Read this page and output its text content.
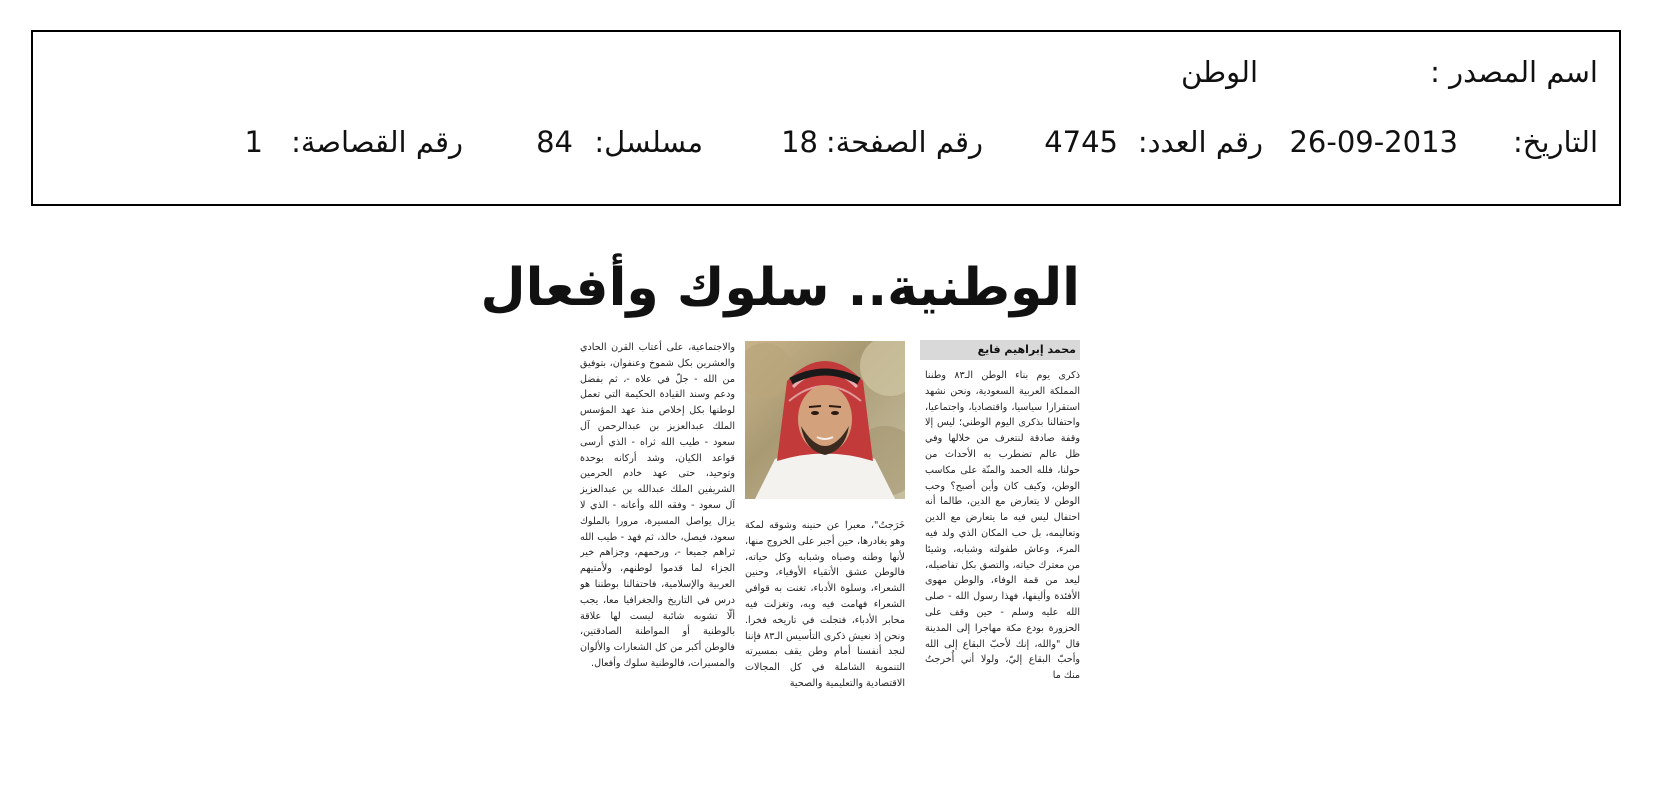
اسم المصدر :
الوطن
التاريخ:
26-09-2013
رقم العدد:
4745
رقم الصفحة:
18
مسلسل:
84
رقم القصاصة:
1
الوطنية.. سلوك وأفعال
محمد إبراهيم فايع

ذكرى يوم بناء الوطن الـ٨٣ وطننا المملكة العربية السعودية، ونحن نشهد استقرارا سياسيا، واقتصاديا، واجتماعيا، واحتفالنا بذكرى اليوم الوطني؛ ليس إلا وقفة صادقة لنتعرف من خلالها وفي ظل عالم تضطرب به الأحداث من حولنا، فلله الحمد والمنّة على مكاسب الوطن، وكيف كان وأين أصبح؟ وحب الوطن لا يتعارض مع الدين، طالما أنه احتفال ليس فيه ما يتعارض مع الدين وتعاليمه، بل حب المكان الذي ولد فيه المرء، وعاش طفولته وشبابه، وشيئا من معترك حياته، والتصق بكل تفاصيله، ليعد من قمة الوفاء، والوطن مهوى الأفئدة وأليفها، فهذا رسول الله - صلى الله عليه وسلم - حين وقف على الحزورة بودع مكة مهاجرا إلى المدينة قال "والله، إنك لأحبّ البقاع إلى الله وأحبّ البقاع إليّ، ولولا أني أُخرجتُ منك ما

خَرَجتُ"، معبرا عن حنينه وشوقه لمكة وهو يغادرها، حين أجبر على الخروج منها، لأنها وطنه وصباه وشبابه وكل حياته، فالوطن عشق الأتقياء الأوفياء، وحنين الشعراء، وسلوة الأدباء، تغنت به قوافي الشعراء فهامت فيه وبه، وتغزلت فيه محابر الأدباء، فتجلت في تاريخه فخرا. ونحن إذ نعيش ذكرى التأسيس الـ٨٣ فإننا لنجد أنفسنا أمام وطن يقف بمسيرته التنموية الشاملة في كل المجالات الاقتصادية والتعليمية والصحية

والاجتماعية، على أعتاب القرن الحادي والعشرين بكل شموخ وعنفوان، بتوفيق من الله - جلّ في علاه -، ثم بفضل ودعم وسند القيادة الحكيمة التي تعمل لوطنها بكل إخلاص منذ عهد المؤسس الملك عبدالعزيز بن عبدالرحمن آل سعود - طيب الله ثراه - الذي أرسى قواعد الكيان، وشد أركانه بوحدة وتوحيد، حتى عهد خادم الحرمين الشريفين الملك عبدالله بن عبدالعزيز آل سعود - وفقه الله وأعانه - الذي لا يزال يواصل المسيرة، مرورا بالملوك سعود، فيصل، خالد، ثم فهد - طيب الله ثراهم جميعا -، ورحمهم، وجزاهم خير الجزاء لما قدموا لوطنهم، ولأمتيهم العربية والإسلامية، فاحتفالنا بوطننا هو درس في التاريخ والجغرافيا معا، يجب ألّا تشوبه شائبة ليست لها علاقة بالوطنية أو المواطنة الصادقتين، فالوطن أكبر من كل الشعارات والألوان والمسيرات، فالوطنية سلوك وأفعال.
